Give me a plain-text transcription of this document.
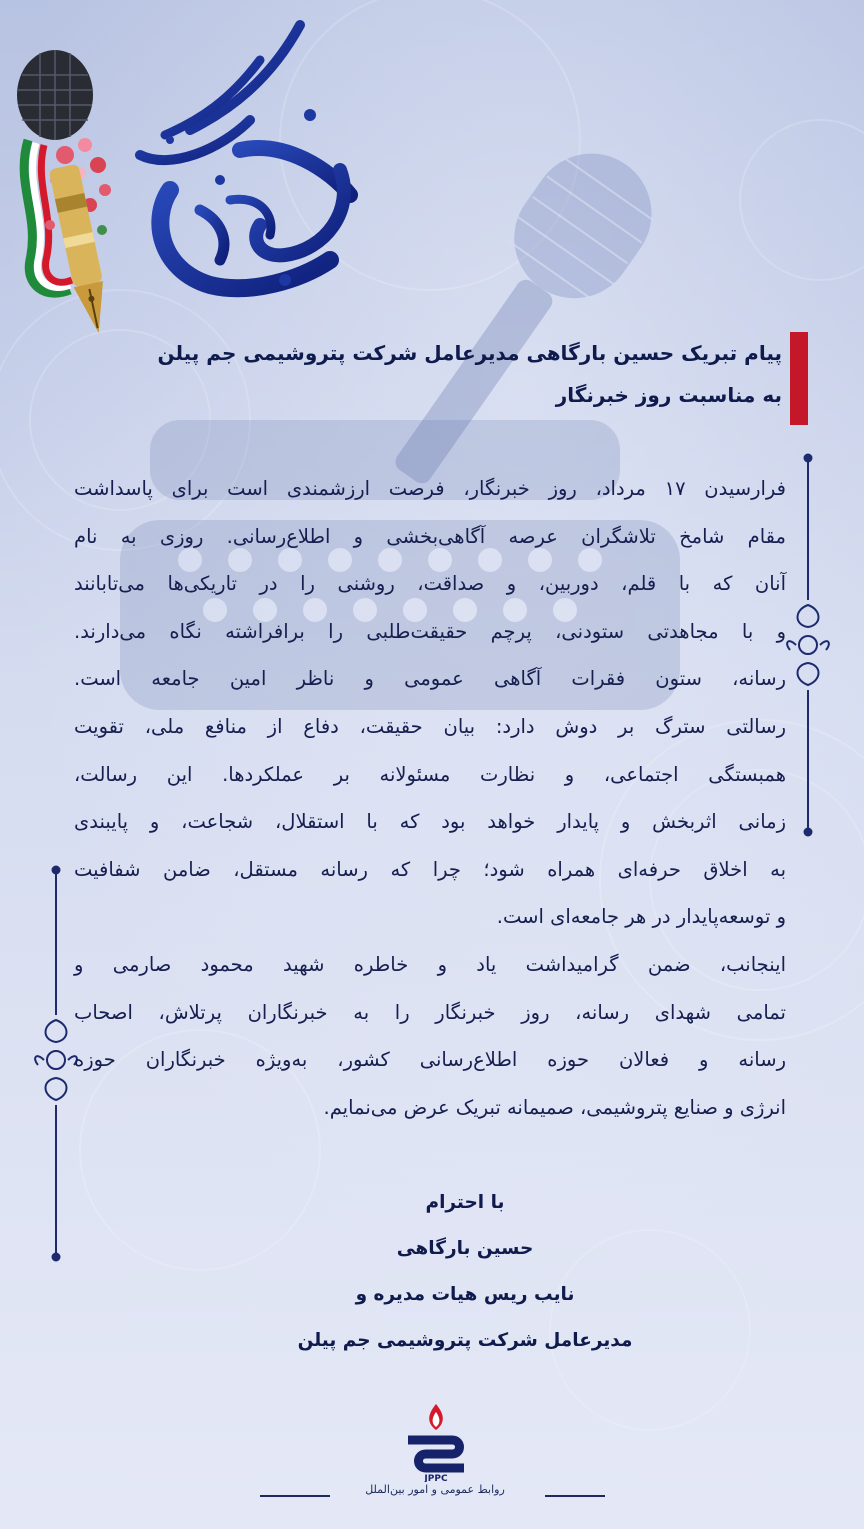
پیام تبریک حسین بارگاهی مدیرعامل شرکت پتروشیمی جم پیلن
به مناسبت روز خبرنگار
فرارسیدن ۱۷ مرداد، روز خبرنگار، فرصت ارزشمندی است برای پاسداشت
مقام شامخ تلاشگران عرصه آگاهی‌بخشی و اطلاع‌رسانی. روزی به نام
آنان که با قلم، دوربین، و صداقت، روشنی را در تاریکی‌ها می‌تابانند
و با مجاهدتی ستودنی، پرچم حقیقت‌طلبی را برافراشته نگاه می‌دارند.
رسانه، ستون فقرات آگاهی عمومی و ناظر امین جامعه است.
رسالتی سترگ بر دوش دارد: بیان حقیقت، دفاع از منافع ملی، تقویت
همبستگی اجتماعی، و نظارت مسئولانه بر عملکردها. این رسالت،
زمانی اثربخش و پایدار خواهد بود که با استقلال، شجاعت، و پایبندی
به اخلاق حرفه‌ای همراه شود؛ چرا که رسانه مستقل، ضامن شفافیت
و توسعه‌پایدار در هر جامعه‌ای است.
اینجانب، ضمن گرامیداشت یاد و خاطره شهید محمود صارمی و
تمامی شهدای رسانه، روز خبرنگار را به خبرنگاران پرتلاش، اصحاب
رسانه و فعالان حوزه اطلاع‌رسانی کشور، به‌ویژه خبرنگاران حوزه
انرژی و صنایع پتروشیمی، صمیمانه تبریک عرض می‌نمایم.
با احترام
حسین بارگاهی
نایب ریس هیات مدیره و
مدیرعامل شرکت پتروشیمی جم پیلن
JPPC
روابط عمومی و امور بین‌الملل
